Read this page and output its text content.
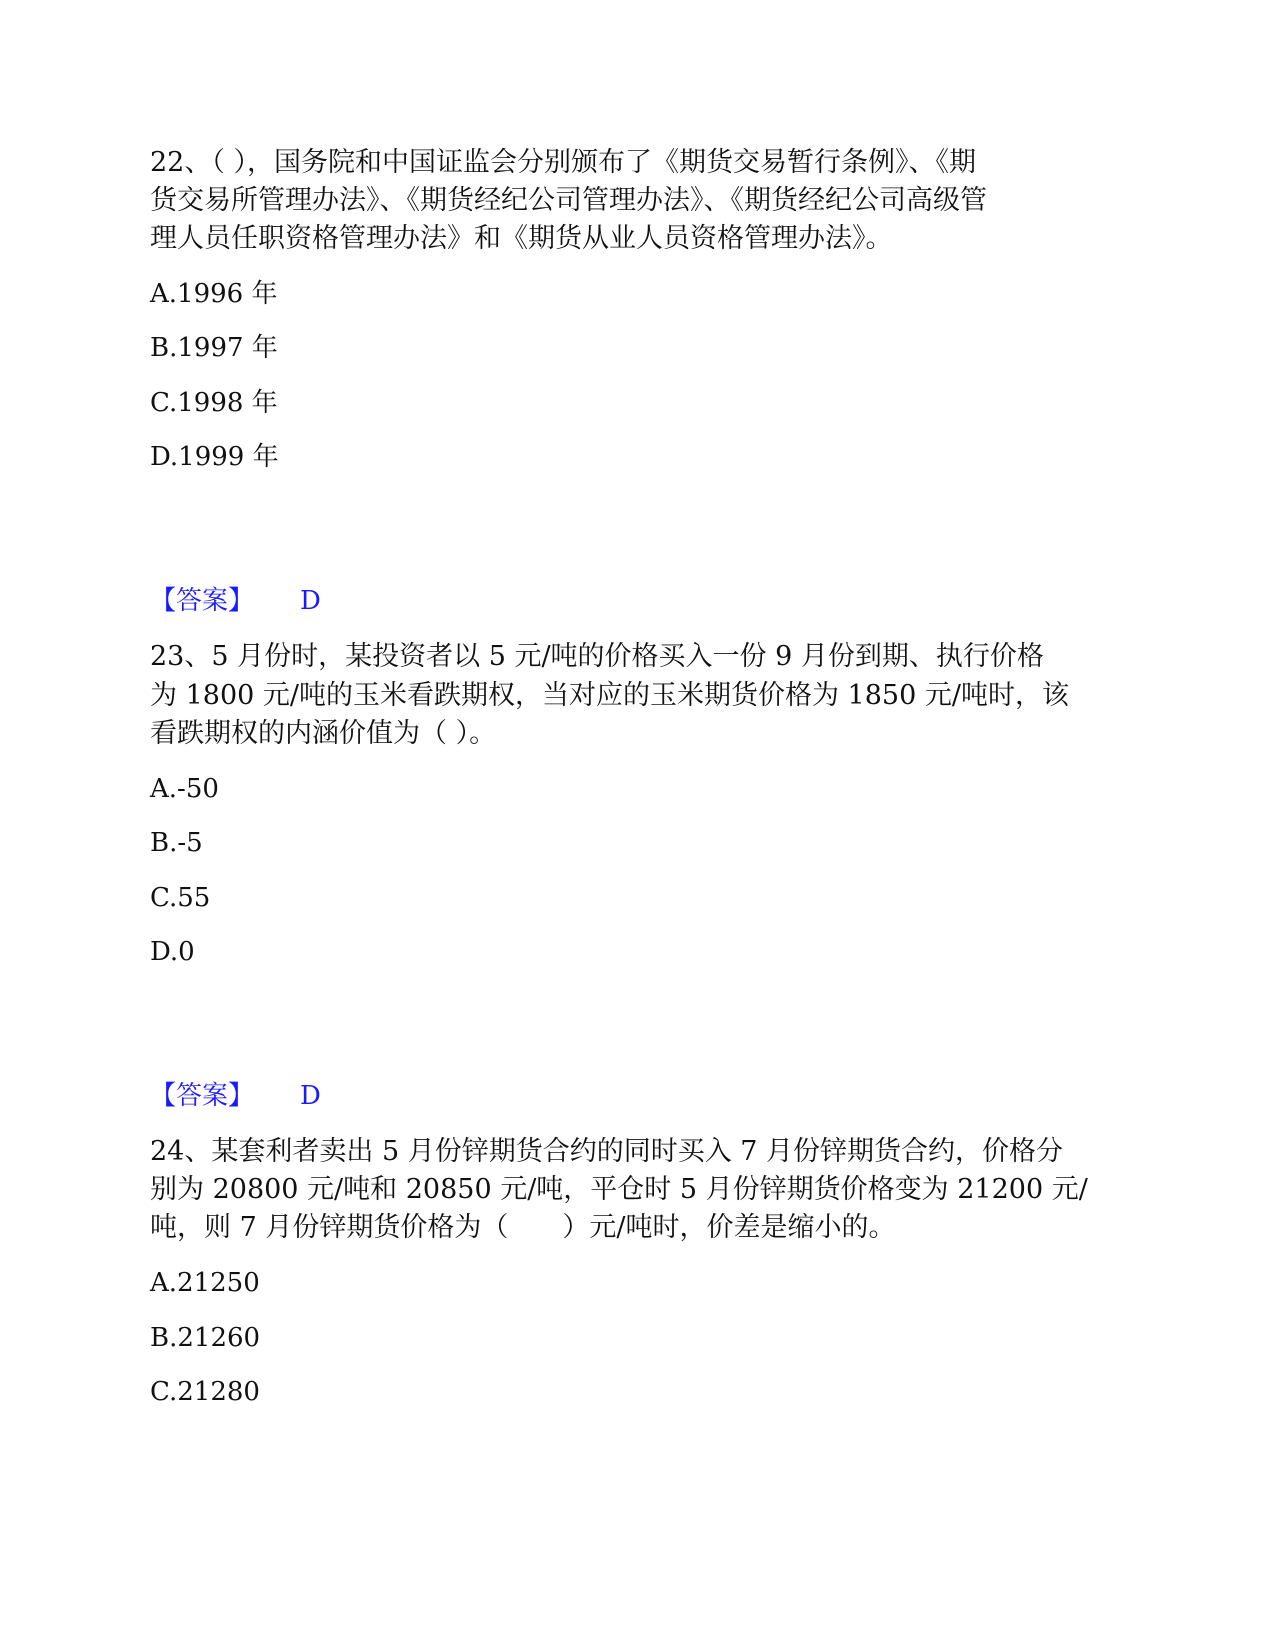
22、（ ），国务院和中国证监会分别颁布了《期货交易暂行条例》、《期
货交易所管理办法》、《期货经纪公司管理办法》、《期货经纪公司高级管
理人员任职资格管理办法》和《期货从业人员资格管理办法》。
A.1996 年
B.1997 年
C.1998 年
D.1999 年
【答案】 D
23、5 月份时，某投资者以 5 元/吨的价格买入一份 9 月份到期、执行价格
为 1800 元/吨的玉米看跌期权，当对应的玉米期货价格为 1850 元/吨时，该
看跌期权的内涵价值为（ ）。
A.-50
B.-5
C.55
D.0
【答案】 D
24、某套利者卖出 5 月份锌期货合约的同时买入 7 月份锌期货合约，价格分
别为 20800 元/吨和 20850 元/吨，平仓时 5 月份锌期货价格变为 21200 元/
吨，则 7 月份锌期货价格为（　　）元/吨时，价差是缩小的。
A.21250
B.21260
C.21280
